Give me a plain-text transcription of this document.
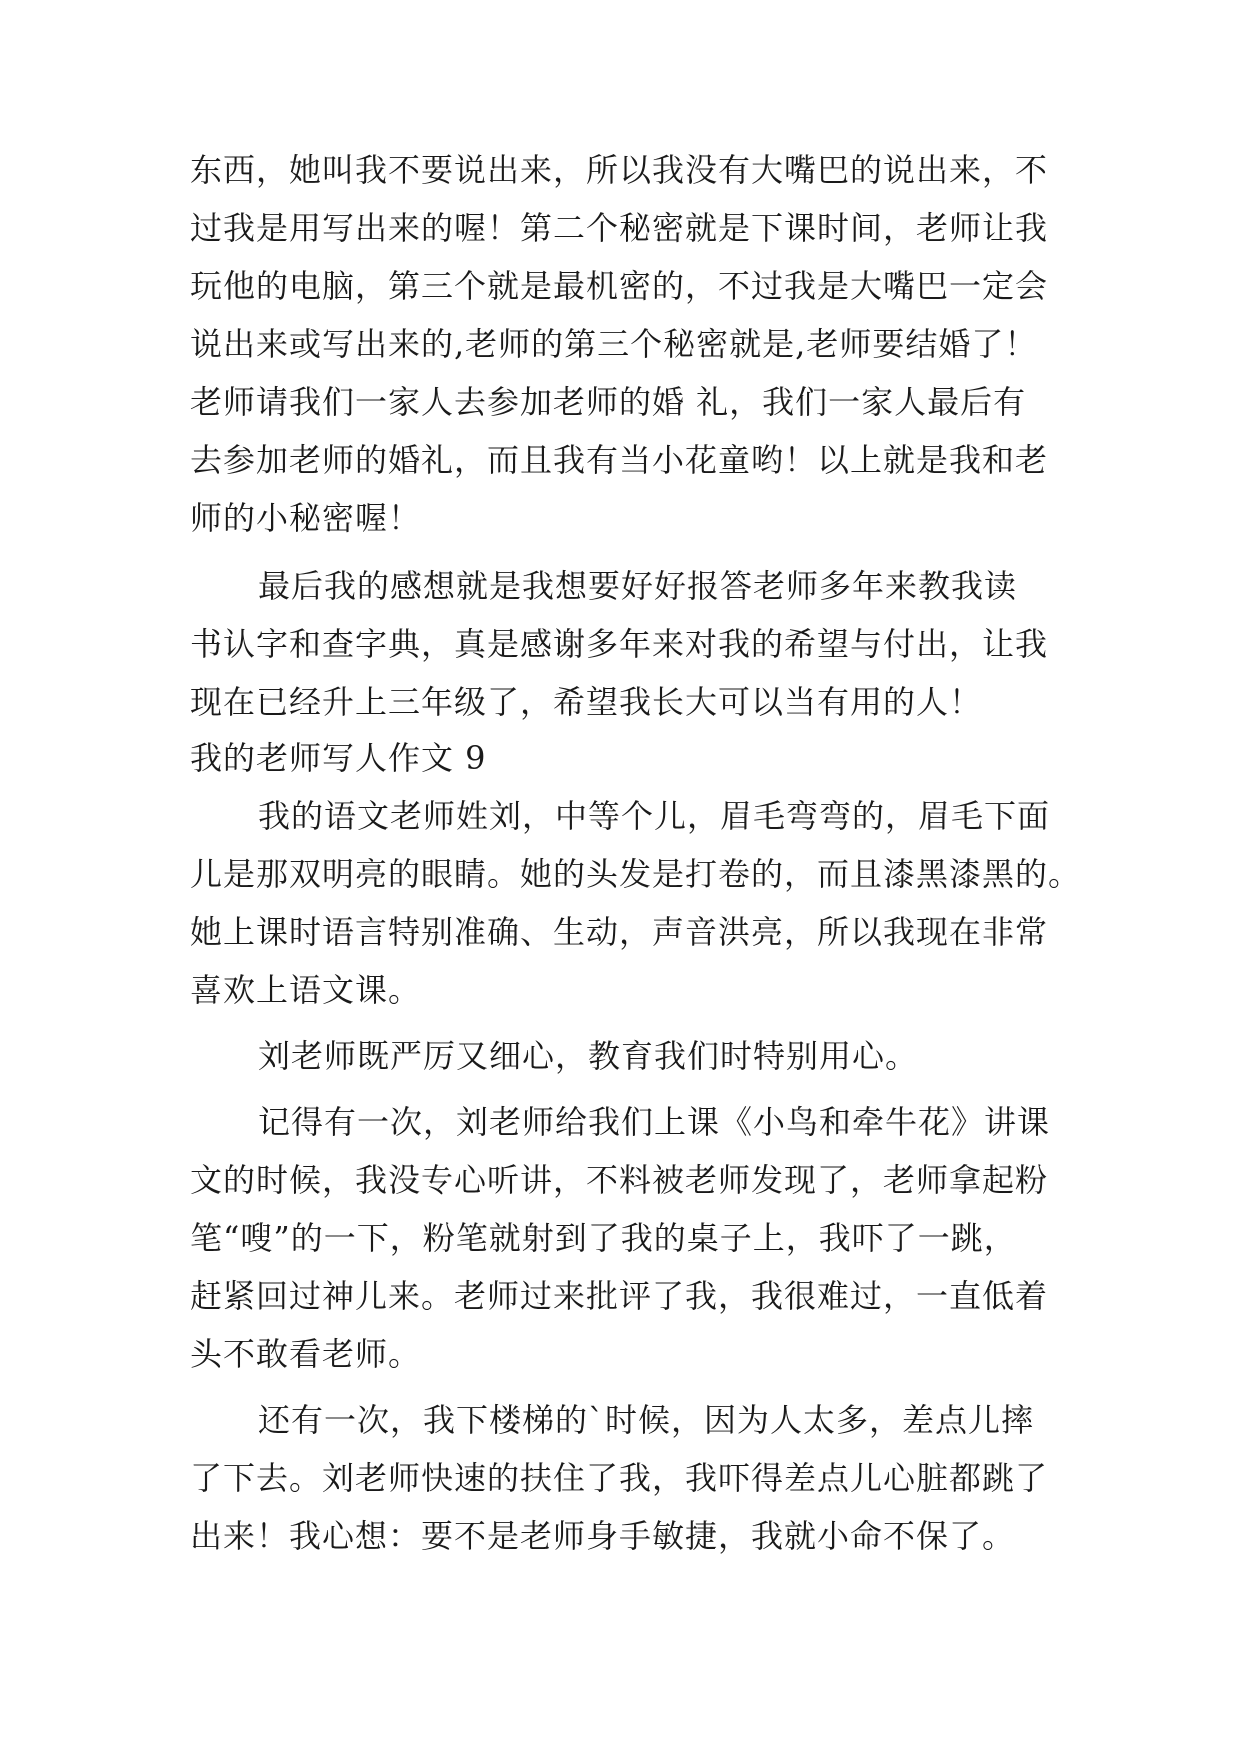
东西，她叫我不要说出来，所以我没有大嘴巴的说出来，不
过我是用写出来的喔！第二个秘密就是下课时间，老师让我
玩他的电脑，第三个就是最机密的，不过我是大嘴巴一定会
说出来或写出来的,老师的第三个秘密就是,老师要结婚了！
老师请我们一家人去参加老师的婚 礼，我们一家人最后有
去参加老师的婚礼，而且我有当小花童哟！以上就是我和老
师的小秘密喔！
最后我的感想就是我想要好好报答老师多年来教我读
书认字和查字典，真是感谢多年来对我的希望与付出，让我
现在已经升上三年级了，希望我长大可以当有用的人！
我的老师写人作文 9
我的语文老师姓刘，中等个儿，眉毛弯弯的，眉毛下面
儿是那双明亮的眼睛。她的头发是打卷的，而且漆黑漆黑的。
她上课时语言特别准确、生动，声音洪亮，所以我现在非常
喜欢上语文课。
刘老师既严厉又细心，教育我们时特别用心。
记得有一次，刘老师给我们上课《小鸟和牵牛花》讲课
文的时候，我没专心听讲，不料被老师发现了，老师拿起粉
笔“嗖”的一下，粉笔就射到了我的桌子上，我吓了一跳，
赶紧回过神儿来。老师过来批评了我，我很难过，一直低着
头不敢看老师。
还有一次，我下楼梯的`时候，因为人太多，差点儿摔
了下去。刘老师快速的扶住了我，我吓得差点儿心脏都跳了
出来！我心想：要不是老师身手敏捷，我就小命不保了。
